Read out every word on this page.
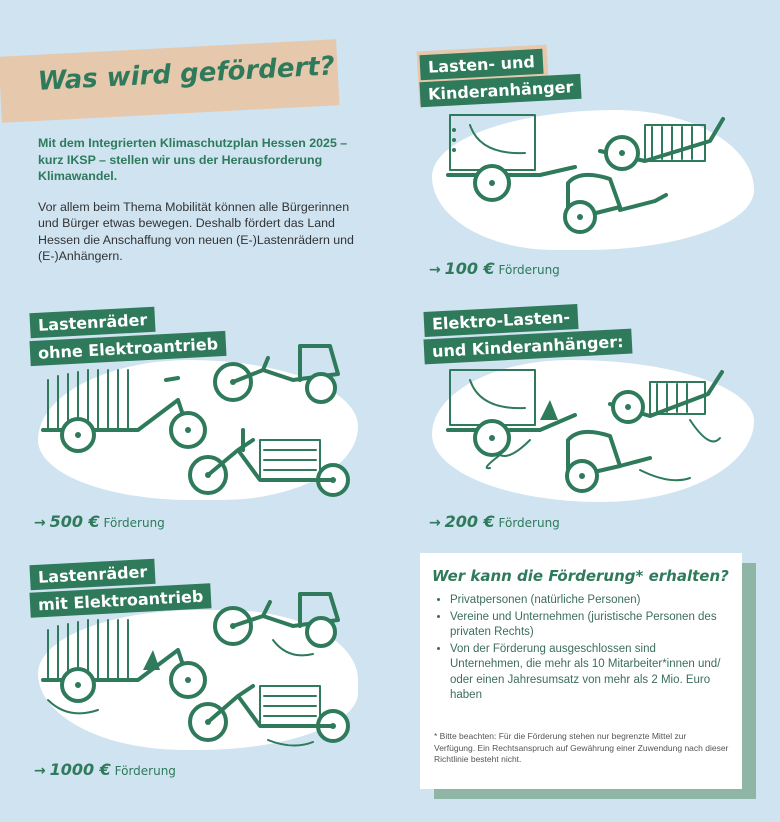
Was wird gefördert?

Mit dem Integrierten Klimaschutzplan Hessen 2025 – kurz IKSP – stellen wir uns der Herausforderung Klimawandel.

Vor allem beim Thema Mobilität können alle Bürgerinnen und Bürger etwas bewegen. Deshalb fördert das Land Hessen die Anschaffung von neuen (E-)Lastenrädern und (E-)Anhängern.

Lasten- und
Kinderanhänger
→ 100 € Förderung
Lastenräder
ohne Elektroantrieb
→ 500 € Förderung
Elektro-Lasten-
und Kinderanhänger:
→ 200 € Förderung
Lastenräder
mit Elektroantrieb
→ 1000 € Förderung
Wer kann die Förderung* erhalten?
• Privatpersonen (natürliche Personen)
• Vereine und Unternehmen (juristische Personen des privaten Rechts)
• Von der Förderung ausgeschlossen sind Unternehmen, die mehr als 10 Mitarbeiter*innen und/ oder einen Jahresumsatz von mehr als 2 Mio. Euro haben
* Bitte beachten: Für die Förderung stehen nur begrenzte Mittel zur Verfügung. Ein Rechtsanspruch auf Gewährung einer Zuwendung nach dieser Richtlinie besteht nicht.
